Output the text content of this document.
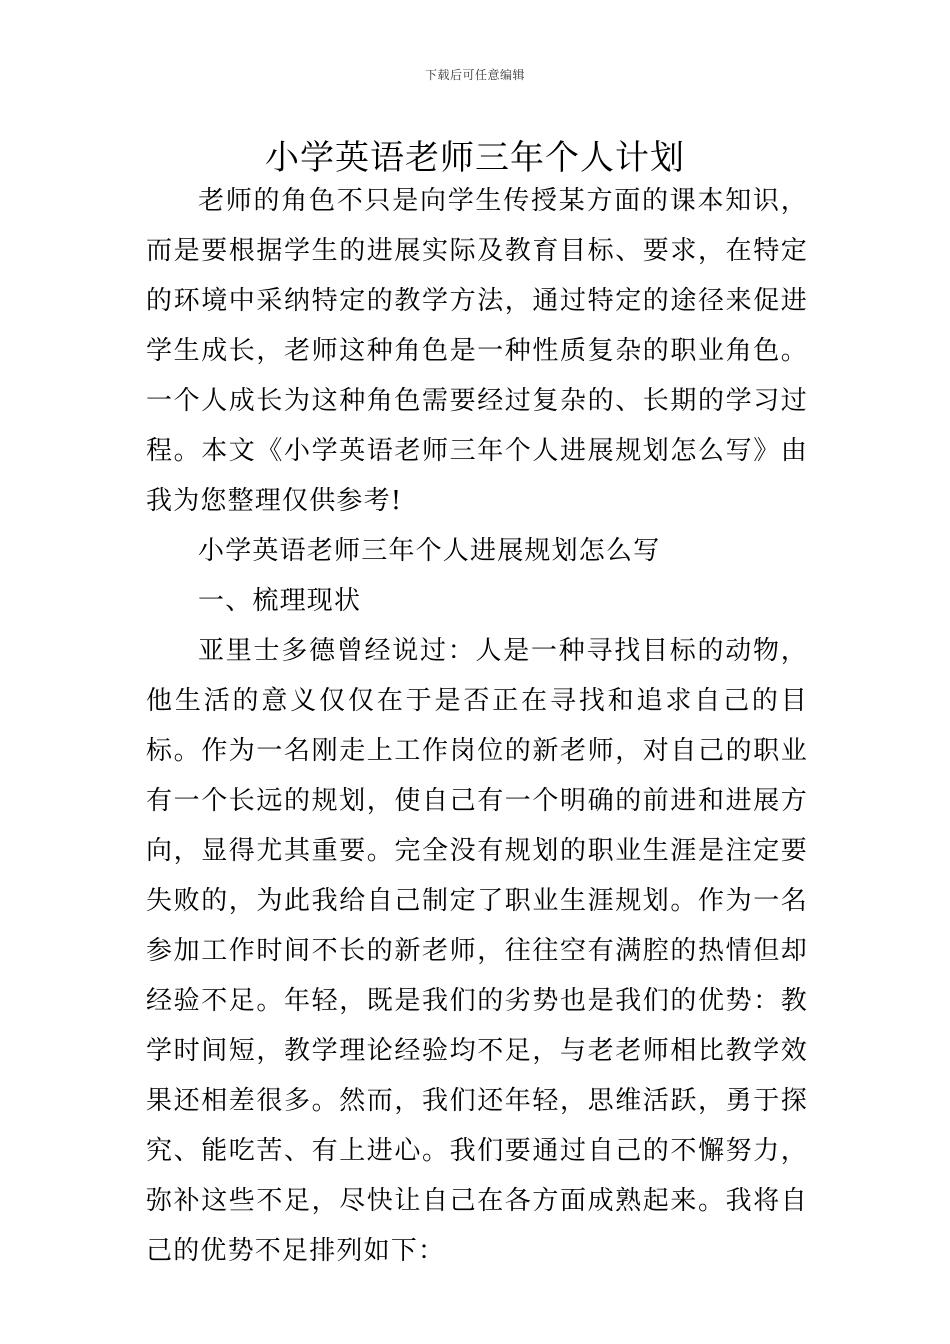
下载后可任意编辑
小学英语老师三年个人计划

老师的角色不只是向学生传授某方面的课本知识，而是要根据学生的进展实际及教育目标、要求，在特定的环境中采纳特定的教学方法，通过特定的途径来促进学生成长，老师这种角色是一种性质复杂的职业角色。一个人成长为这种角色需要经过复杂的、长期的学习过程。本文《小学英语老师三年个人进展规划怎么写》由我为您整理仅供参考!

小学英语老师三年个人进展规划怎么写

一、梳理现状

亚里士多德曾经说过：人是一种寻找目标的动物，他生活的意义仅仅在于是否正在寻找和追求自己的目标。作为一名刚走上工作岗位的新老师，对自己的职业有一个长远的规划，使自己有一个明确的前进和进展方向，显得尤其重要。完全没有规划的职业生涯是注定要失败的，为此我给自己制定了职业生涯规划。作为一名参加工作时间不长的新老师，往往空有满腔的热情但却经验不足。年轻，既是我们的劣势也是我们的优势：教学时间短，教学理论经验均不足，与老老师相比教学效果还相差很多。然而，我们还年轻，思维活跃，勇于探究、能吃苦、有上进心。我们要通过自己的不懈努力，弥补这些不足，尽快让自己在各方面成熟起来。我将自己的优势不足排列如下：
